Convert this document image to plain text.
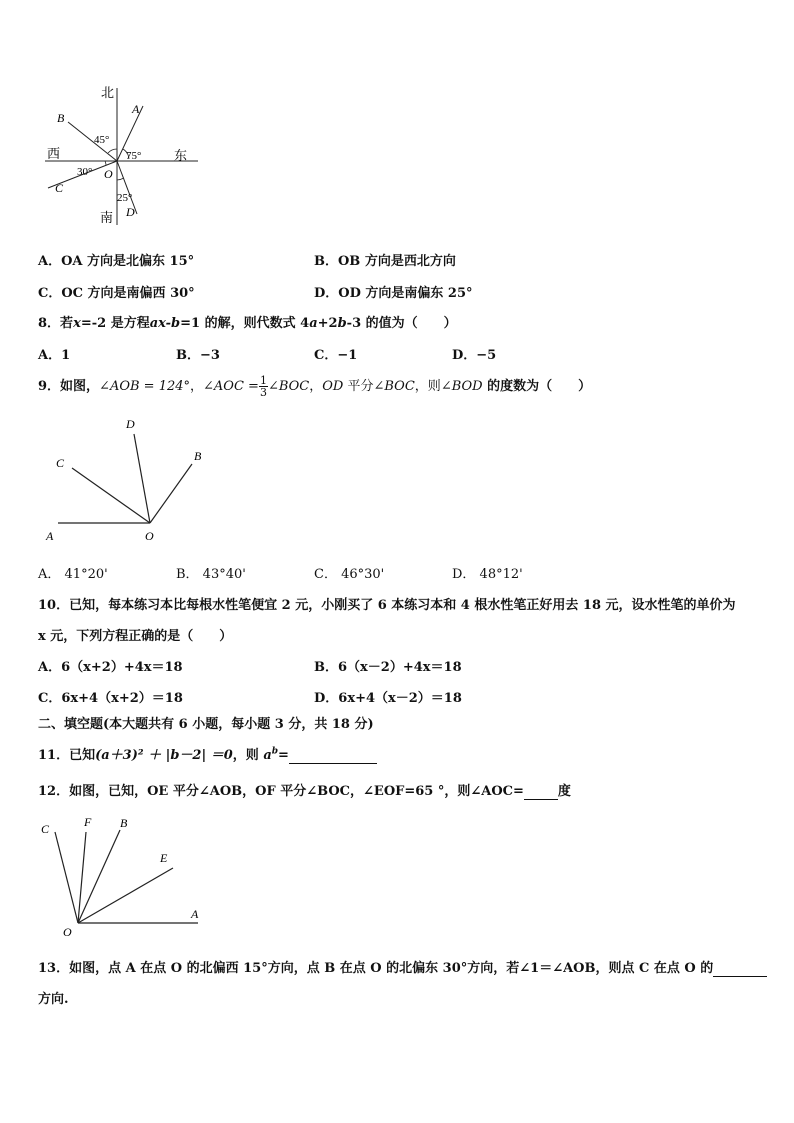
北
南
西	东
A
B
C
D
O
45°
75°
30°
25°
A．OA 方向是北偏东 15°	B．OB 方向是西北方向
C．OC 方向是南偏西 30°	D．OD 方向是南偏东 25°
8．若x=-2 是方程ax-b=1 的解，则代数式 4a+2b-3 的值为（　　）
A．1	B．−3	C．−1	D．−5
9．如图，∠AOB = 124°，∠AOC = $\frac{1}{3}$ ∠BOC，OD 平分∠BOC，则∠BOD 的度数为（　　）
A
C
D
B
O
A． 41°20'	B． 43°40'	C． 46°30'	D． 48°12'
10．已知，每本练习本比每根水性笔便宜 2 元，小刚买了 6 本练习本和 4 根水性笔正好用去 18 元，设水性笔的单价为
x 元，下列方程正确的是（　　）
A．6（x+2）+4x＝18	B．6（x－2）+4x＝18
C．6x+4（x+2）＝18	D．6x+4（x－2）＝18
二、填空题(本大题共有 6 小题，每小题 3 分，共 18 分)
11．已知(a＋3)² ＋ |b－2| ＝0，则 $a^b=$
12．如图，已知，OE 平分∠AOB，OF 平分∠BOC，∠EOF=65 °，则∠AOC=	度
C	F B
E
A
O
13．如图，点 A 在点 O 的北偏西 15°方向，点 B 在点 O 的北偏东 30°方向，若∠1＝∠AOB，则点 C 在点 O 的
方向.
